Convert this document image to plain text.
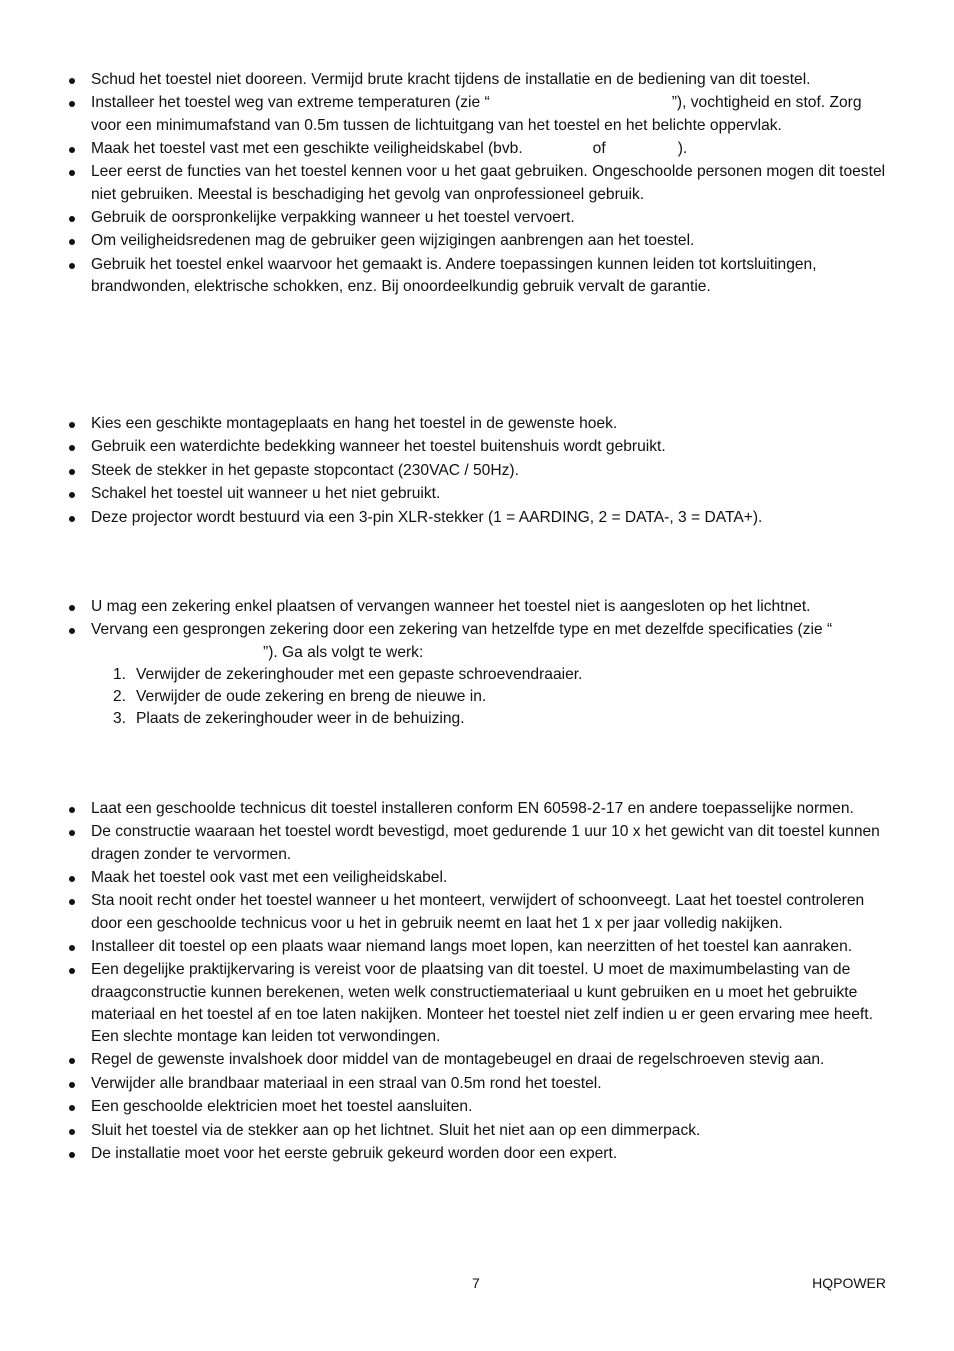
Schud het toestel niet dooreen. Vermijd brute kracht tijdens de installatie en de bediening van dit toestel.
Installeer het toestel weg van extreme temperaturen (zie “	”), vochtigheid en stof. Zorg voor een minimumafstand van 0.5m tussen de lichtuitgang van het toestel en het belichte oppervlak.
Maak het toestel vast met een geschikte veiligheidskabel (bvb.	of	).
Leer eerst de functies van het toestel kennen voor u het gaat gebruiken. Ongeschoolde personen mogen dit toestel niet gebruiken. Meestal is beschadiging het gevolg van onprofessioneel gebruik.
Gebruik de oorspronkelijke verpakking wanneer u het toestel vervoert.
Om veiligheidsredenen mag de gebruiker geen wijzigingen aanbrengen aan het toestel.
Gebruik het toestel enkel waarvoor het gemaakt is. Andere toepassingen kunnen leiden tot kortsluitingen, brandwonden, elektrische schokken, enz. Bij onoordeelkundig gebruik vervalt de garantie.
Kies een geschikte montageplaats en hang het toestel in de gewenste hoek.
Gebruik een waterdichte bedekking wanneer het toestel buitenshuis wordt gebruikt.
Steek de stekker in het gepaste stopcontact (230VAC / 50Hz).
Schakel het toestel uit wanneer u het niet gebruikt.
Deze projector wordt bestuurd via een 3-pin XLR-stekker (1 = AARDING, 2 = DATA-, 3 = DATA+).
U mag een zekering enkel plaatsen of vervangen wanneer het toestel niet is aangesloten op het lichtnet.
Vervang een gesprongen zekering door een zekering van hetzelfde type en met dezelfde specificaties (zie “”). Ga als volgt te werk:
1. Verwijder de zekeringhouder met een gepaste schroevendraaier.
2. Verwijder de oude zekering en breng de nieuwe in.
3. Plaats de zekeringhouder weer in de behuizing.
Laat een geschoolde technicus dit toestel installeren conform EN 60598-2-17 en andere toepasselijke normen.
De constructie waaraan het toestel wordt bevestigd, moet gedurende 1 uur 10 x het gewicht van dit toestel kunnen dragen zonder te vervormen.
Maak het toestel ook vast met een veiligheidskabel.
Sta nooit recht onder het toestel wanneer u het monteert, verwijdert of schoonveegt. Laat het toestel controleren door een geschoolde technicus voor u het in gebruik neemt en laat het 1 x per jaar volledig nakijken.
Installeer dit toestel op een plaats waar niemand langs moet lopen, kan neerzitten of het toestel kan aanraken.
Een degelijke praktijkervaring is vereist voor de plaatsing van dit toestel. U moet de maximumbelasting van de draagconstructie kunnen berekenen, weten welk constructiemateriaal u kunt gebruiken en u moet het gebruikte materiaal en het toestel af en toe laten nakijken. Monteer het toestel niet zelf indien u er geen ervaring mee heeft. Een slechte montage kan leiden tot verwondingen.
Regel de gewenste invalshoek door middel van de montagebeugel en draai de regelschroeven stevig aan.
Verwijder alle brandbaar materiaal in een straal van 0.5m rond het toestel.
Een geschoolde elektricien moet het toestel aansluiten.
Sluit het toestel via de stekker aan op het lichtnet. Sluit het niet aan op een dimmerpack.
De installatie moet voor het eerste gebruik gekeurd worden door een expert.
7	HQPOWER
